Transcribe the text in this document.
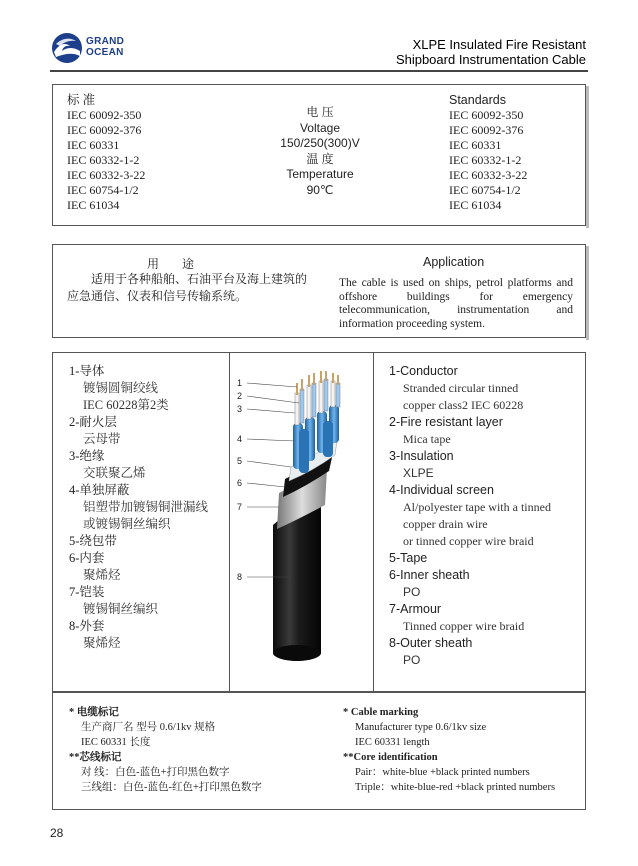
GRAND
OCEAN
XLPE Insulated Fire Resistant
Shipboard Instrumentation Cable
标 准
IEC 60092-350
IEC 60092-376
IEC 60331
IEC 60332-1-2
IEC 60332-3-22
IEC 60754-1/2
IEC 61034
电 压
Voltage
150/250(300)V
温 度
Temperature
90℃
Standards
IEC 60092-350
IEC 60092-376
IEC 60331
IEC 60332-1-2
IEC 60332-3-22
IEC 60754-1/2
IEC 61034
用 途
适用于各种船舶、石油平台及海上建筑的应急通信、仪表和信号传输系统。
Application
The cable is used on ships, petrol platforms and offshore buildings for emergency telecommunication, instrumentation and information proceeding system.
1-导体
镀锡圆铜绞线
IEC 60228第2类
2-耐火层
云母带
3-绝缘
交联聚乙烯
4-单独屏蔽
铝塑带加镀锡铜泄漏线
或镀锡铜丝编织
5-绕包带
6-内套
聚烯烃
7-铠装
镀锡铜丝编织
8-外套
聚烯烃
1
2
3
4
5
6
7
8
1-Conductor
Stranded circular tinned
copper class2 IEC 60228
2-Fire resistant layer
Mica tape
3-Insulation
XLPE
4-Individual screen
Al/polyester tape with a tinned
copper drain wire
or tinned copper wire braid
5-Tape
6-Inner sheath
PO
7-Armour
Tinned copper wire braid
8-Outer sheath
PO
* 电缆标记
生产商厂名 型号 0.6/1kv 规格
IEC 60331 长度
**芯线标记
对 线：白色-蓝色+打印黑色数字
三线组：白色-蓝色-红色+打印黑色数字
* Cable marking
Manufacturer type 0.6/1kv size
IEC 60331 length
**Core identification
Pair：white-blue +black printed numbers
Triple：white-blue-red +black printed numbers
28
